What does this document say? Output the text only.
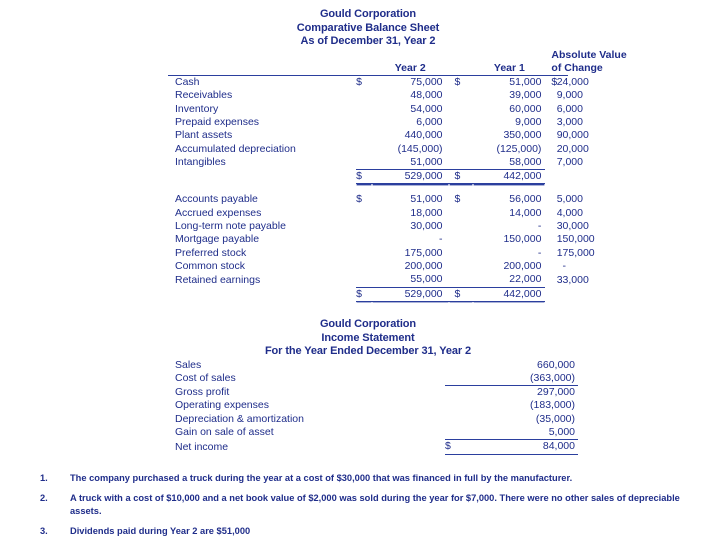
Gould Corporation
Comparative Balance Sheet
As of December 31, Year 2
					Absolute Value	
		Year 2		Year 1	of Change	
Cash	$	75,000	$	51,000	$	24,000
Receivables		48,000		39,000		9,000
Inventory		54,000		60,000		6,000
Prepaid expenses		6,000		9,000		3,000
Plant assets		440,000		350,000		90,000
Accumulated depreciation		(145,000)		(125,000)		20,000
Intangibles		51,000		58,000		7,000
	$	529,000	$	442,000		

Accounts payable	$	51,000	$	56,000		5,000
Accrued expenses		18,000		14,000		4,000
Long-term note payable		30,000		-		30,000
Mortgage payable		-		150,000		150,000
Preferred stock		175,000		-		175,000
Common stock		200,000		200,000		-
Retained earnings		55,000		22,000		33,000
	$	529,000	$	442,000		
Gould Corporation
Income Statement
For the Year Ended December 31, Year 2
Sales		660,000
Cost of sales		(363,000)
Gross profit		297,000
Operating expenses		(183,000)
Depreciation & amortization		(35,000)
Gain on sale of asset		5,000
Net income	$	84,000
1.	The company purchased a truck during the year at a cost of $30,000 that was financed in full by the manufacturer.
2.	A truck with a cost of $10,000 and a net book value of $2,000 was sold during the year for $7,000. There were no other sales of depreciable assets.
3.	Dividends paid during Year 2 are $51,000
